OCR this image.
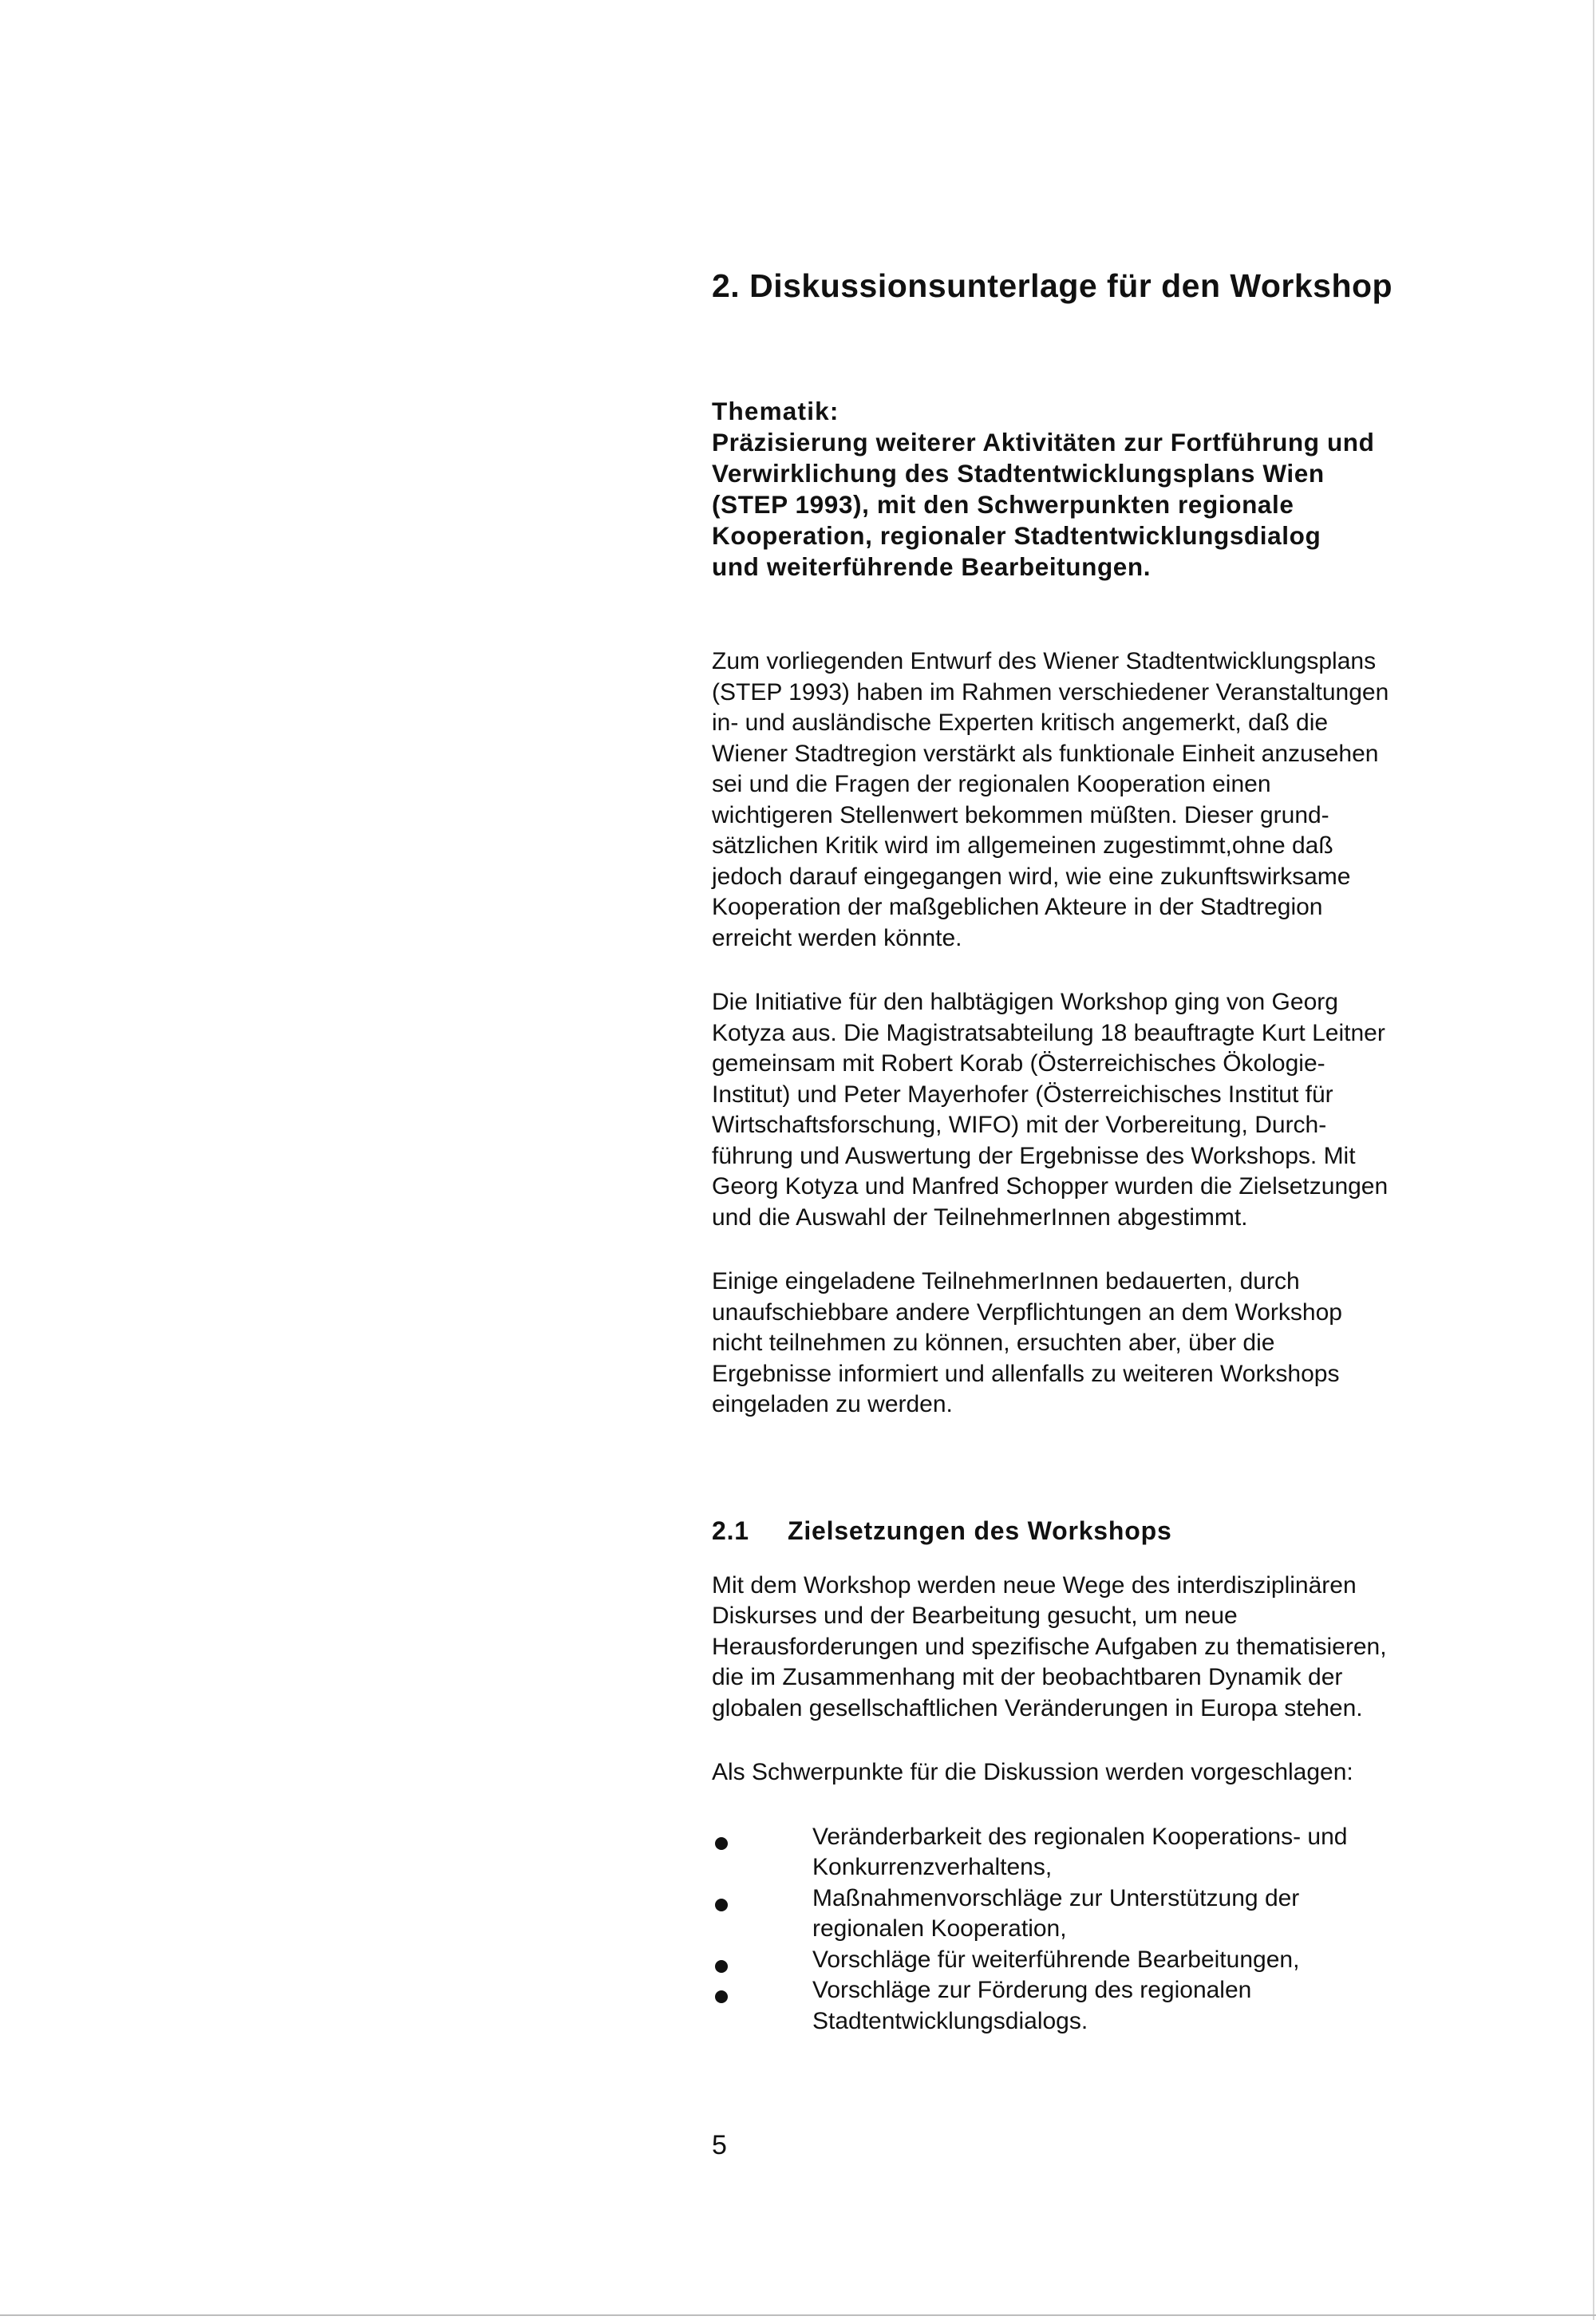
2. Diskussionsunterlage für den Workshop
Thematik:
Präzisierung weiterer Aktivitäten zur Fortführung und
Verwirklichung des Stadtentwicklungsplans Wien
(STEP 1993), mit den Schwerpunkten regionale
Kooperation, regionaler Stadtentwicklungsdialog
und weiterführende Bearbeitungen.
Zum vorliegenden Entwurf des Wiener Stadtentwicklungsplans
(STEP 1993) haben im Rahmen verschiedener Veranstaltungen
in- und ausländische Experten kritisch angemerkt, daß die
Wiener Stadtregion verstärkt als funktionale Einheit anzusehen
sei und die Fragen der regionalen Kooperation einen
wichtigeren Stellenwert bekommen müßten. Dieser grund-
sätzlichen Kritik wird im allgemeinen zugestimmt,ohne daß
jedoch darauf eingegangen wird, wie eine zukunftswirksame
Kooperation der maßgeblichen Akteure in der Stadtregion
erreicht werden könnte.
Die Initiative für den halbtägigen Workshop ging von Georg
Kotyza aus. Die Magistratsabteilung 18 beauftragte Kurt Leitner
gemeinsam mit Robert Korab (Österreichisches Ökologie-
Institut) und Peter Mayerhofer (Österreichisches Institut für
Wirtschaftsforschung, WIFO) mit der Vorbereitung, Durch-
führung und Auswertung der Ergebnisse des Workshops. Mit
Georg Kotyza und Manfred Schopper wurden die Zielsetzungen
und die Auswahl der TeilnehmerInnen abgestimmt.
Einige eingeladene TeilnehmerInnen bedauerten, durch
unaufschiebbare andere Verpflichtungen an dem Workshop
nicht teilnehmen zu können, ersuchten aber, über die
Ergebnisse informiert und allenfalls zu weiteren Workshops
eingeladen zu werden.
2.1	Zielsetzungen des Workshops
Mit dem Workshop werden neue Wege des interdisziplinären
Diskurses und der Bearbeitung gesucht, um neue
Herausforderungen und spezifische Aufgaben zu thematisieren,
die im Zusammenhang mit der beobachtbaren Dynamik der
globalen gesellschaftlichen Veränderungen in Europa stehen.
Als Schwerpunkte für die Diskussion werden vorgeschlagen:
Veränderbarkeit des regionalen Kooperations- und
Konkurrenzverhaltens,
Maßnahmenvorschläge zur Unterstützung der
regionalen Kooperation,
Vorschläge für weiterführende Bearbeitungen,
Vorschläge zur Förderung des regionalen
Stadtentwicklungsdialogs.
5
